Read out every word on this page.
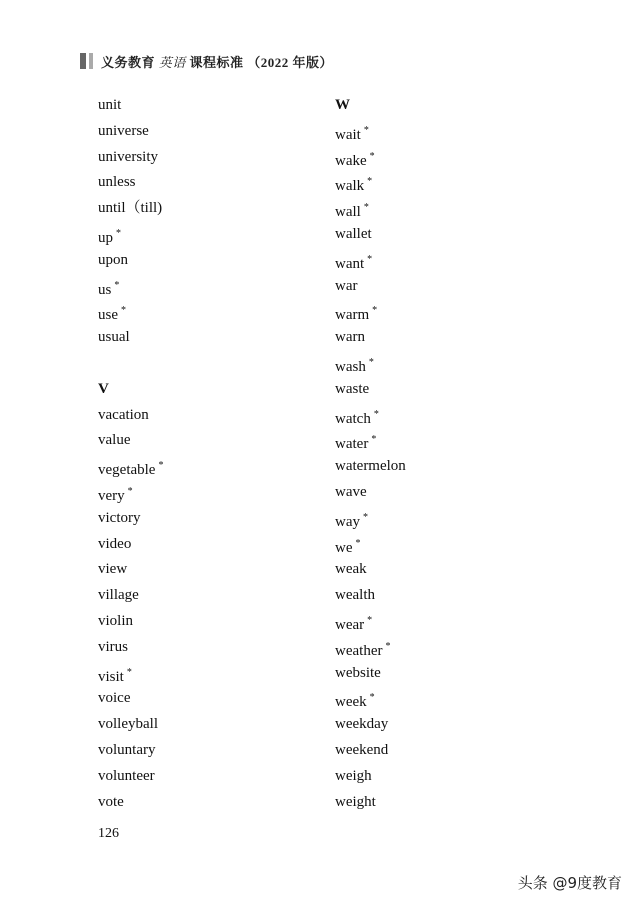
义务教育 英语 课程标准 （2022 年版）
unit
universe
university
unless
until（till)
up *
upon
us *
use *
usual
V
vacation
value
vegetable *
very *
victory
video
view
village
violin
virus
visit *
voice
volleyball
voluntary
volunteer
vote
W
wait *
wake *
walk *
wall *
wallet
want *
war
warm *
warn
wash *
waste
watch *
water *
watermelon
wave
way *
we *
weak
wealth
wear *
weather *
website
week *
weekday
weekend
weigh
weight
126
头条 @9度教育
